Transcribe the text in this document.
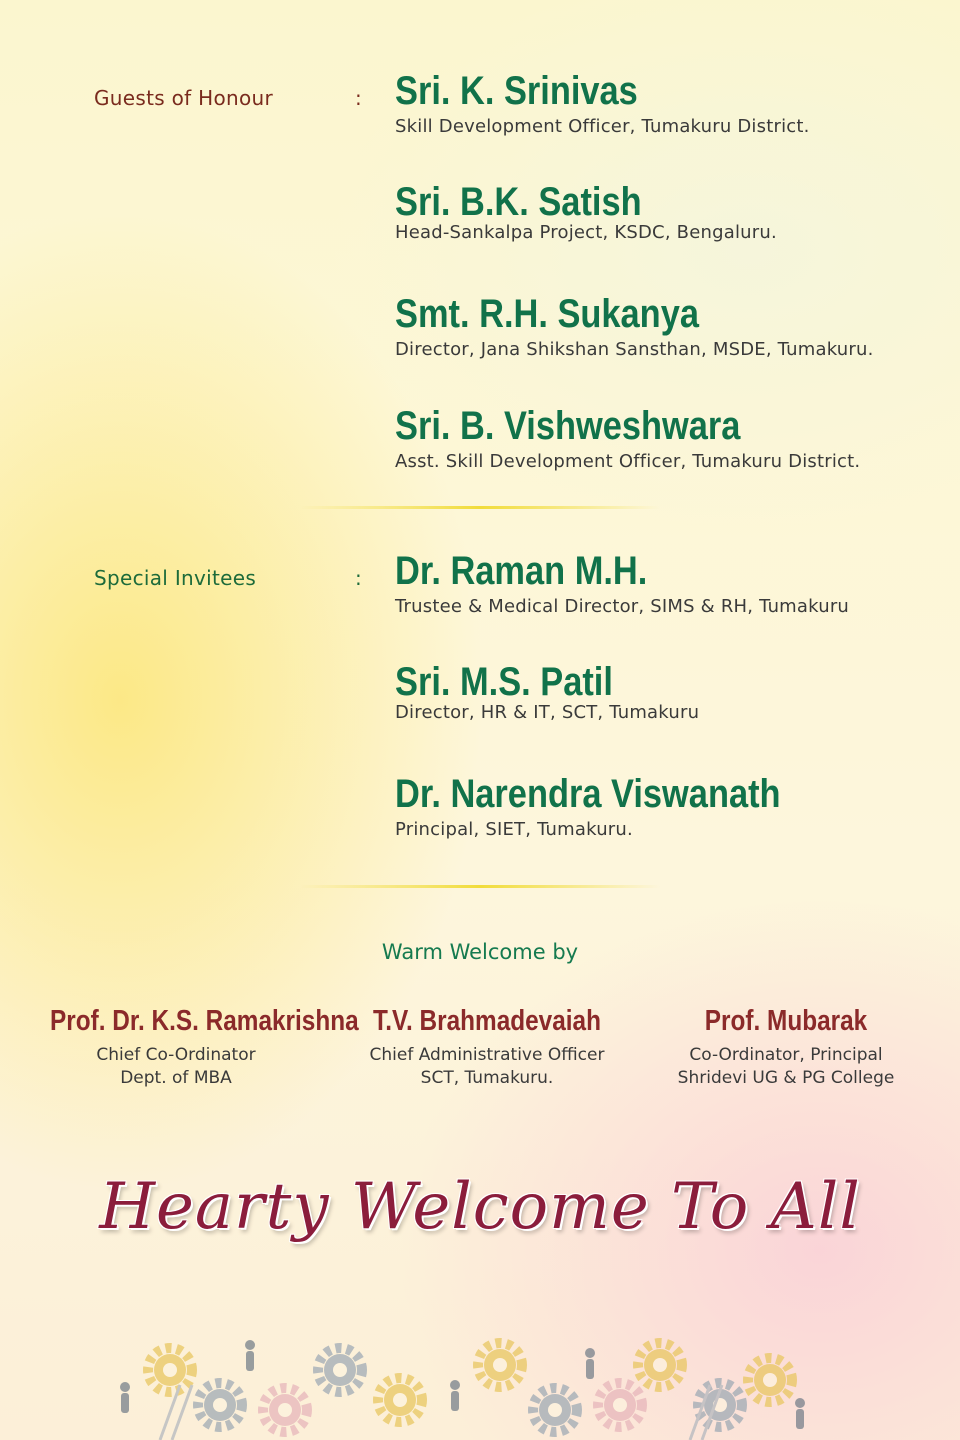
Guests of Honour	: Sri. K. Srinivas
Skill Development Officer, Tumakuru District.
Sri. B.K. Satish
Head-Sankalpa Project, KSDC, Bengaluru.
Smt. R.H. Sukanya
Director, Jana Shikshan Sansthan, MSDE, Tumakuru.
Sri. B. Vishweshwara
Asst. Skill Development Officer, Tumakuru District.
Special Invitees	: Dr. Raman M.H.
Trustee & Medical Director, SIMS & RH, Tumakuru
Sri. M.S. Patil
Director, HR & IT, SCT, Tumakuru
Dr. Narendra Viswanath
Principal, SIET, Tumakuru.
Warm Welcome by
Prof. Dr. K.S. Ramakrishna
Chief Co-Ordinator
Dept. of MBA
T.V. Brahmadevaiah
Chief Administrative Officer
SCT, Tumakuru.
Prof. Mubarak
Co-Ordinator, Principal
Shridevi UG & PG College
Hearty Welcome To All
